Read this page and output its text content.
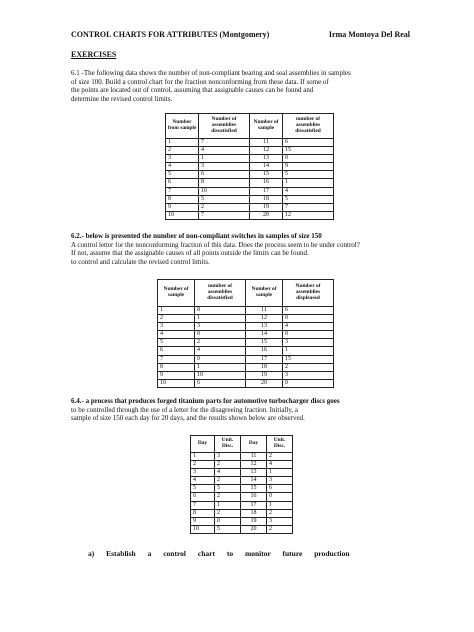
CONTROL CHARTS FOR ATTRIBUTES (Montgomery)	Irma Montoya Del Real
EXERCISES
6.1 -The following data shows the number of non-compliant bearing and seal assemblies in samples
of size 100. Build a control chart for the fraction nonconforming from these data. If some of
the points are located out of control, assuming that assignable causes can be found and
determine the revised control limits.
Number from sample	Number of assemblies dissatisfied	Number of sample	number of assemblies dissatisfied
1	7	11	6
2	4	12	15
3	1	13	0
4	3	14	9
5	6	15	5
6	8	16	1
7	10	17	4
8	5	18	5
9	2	19	7
10	7	20	12
6.2.- below is presented the number of non-compliant switches in samples of size 150
A control letter for the nonconforming fraction of this data. Does the process seem to be under control?
If not, assume that the assignable causes of all points outside the limits can be found.
to control and calculate the revised control limits.
Number of sample	number of assemblies dissatisfied	Number of sample	Number of assemblies displeased
1	8	11	6
2	1	12	0
3	3	13	4
4	0	14	0
5	2	15	3
6	4	16	1
7	0	17	15
8	1	18	2
9	10	19	3
10	6	20	0
6.4.- a process that produces forged titanium parts for automotive turbocharger discs goes
to be controlled through the use of a letter for the disagreeing fraction. Initially, a
sample of size 150 each day for 20 days, and the results shown below are observed.
Day	Unit. Disc.	Day	Unit. Disc.
1	3	11	2
2	2	12	4
3	4	13	1
4	2	14	3
5	5	15	6
6	2	16	0
7	1	17	1
8	2	18	2
9	0	19	3
10	5	20	2
a) Establish a control chart to monitor future production
